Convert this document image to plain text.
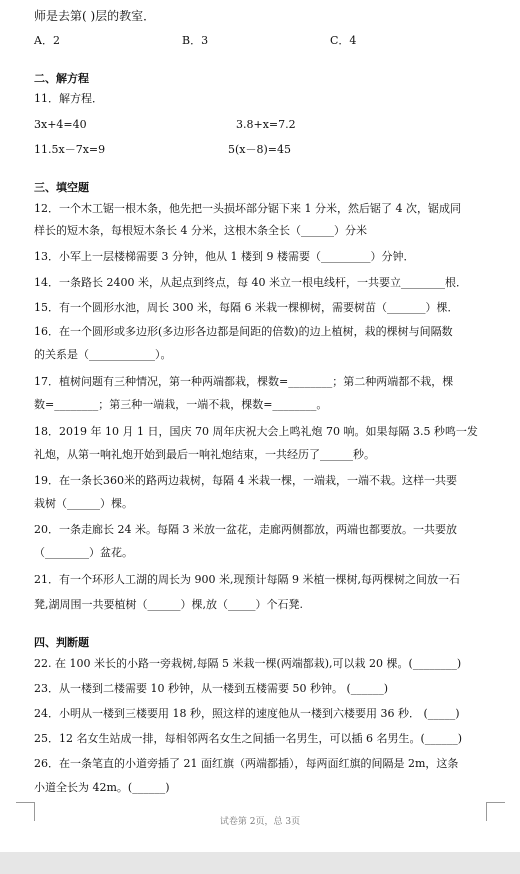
师是去第( )层的教室．
A．2	B．3	C．4
二、解方程
11．解方程．
3x+4=40	3.8+x=7.2
11.5x－7x=9	5(x－8)=45
三、填空题
12．一个木工锯一根木条，他先把一头损坏部分锯下来 1 分米，然后锯了 4 次，锯成同
样长的短木条，每根短木条长 4 分米，这根木条全长（______）分米
13．小军上一层楼梯需要 3 分钟，他从 1 楼到 9 楼需要（_________）分钟．
14．一条路长 2400 米，从起点到终点，每 40 米立一根电线杆，一共要立________根．
15．有一个圆形水池，周长 300 米，每隔 6 米栽一棵柳树，需要树苗（_______）棵．
16．在一个圆形或多边形(多边形各边都是间距的倍数)的边上植树，栽的棵树与间隔数
的关系是（____________）。
17．植树问题有三种情况，第一种两端都栽，棵数=________；第二种两端都不栽，棵
数=________；第三种一端栽，一端不栽，棵数=________。
18．2019 年 10 月 1 日，国庆 70 周年庆祝大会上鸣礼炮 70 响。如果每隔 3.5 秒鸣一发
礼炮，从第一响礼炮开始到最后一响礼炮结束，一共经历了______秒。
19．在一条长360米的路两边栽树，每隔 4 米栽一棵，一端栽，一端不栽。这样一共要
栽树（______）棵。
20．一条走廊长 24 米。每隔 3 米放一盆花，走廊两侧都放，两端也都要放。一共要放
（________）盆花。
21．有一个环形人工湖的周长为 900 米,现预计每隔 9 米植一棵树,每两棵树之间放一石
凳,湖周围一共要植树（______）棵,放（_____）个石凳.
四、判断题
22. 在 100 米长的小路一旁栽树,每隔 5 米栽一棵(两端都栽),可以栽 20 棵。(________)
23．从一楼到二楼需要 10 秒钟，从一楼到五楼需要 50 秒钟。 (______)
24．小明从一楼到三楼要用 18 秒，照这样的速度他从一楼到六楼要用 36 秒． (_____)
25．12 名女生站成一排，每相邻两名女生之间插一名男生，可以插 6 名男生。(______)
26．在一条笔直的小道旁插了 21 面红旗（两端都插），每两面红旗的间隔是 2m，这条
小道全长为 42m。(______)
试卷第 2页，总 3页
